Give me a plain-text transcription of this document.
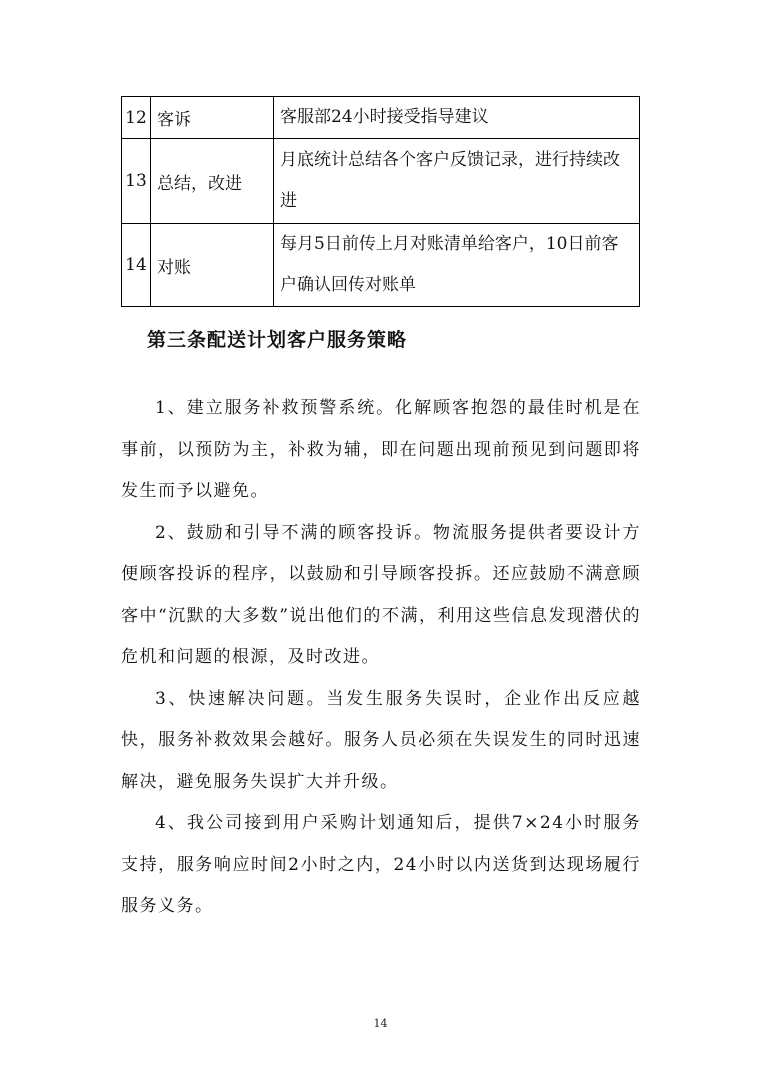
12	客诉	客服部24小时接受指导建议
13	总结，改进	月底统计总结各个客户反馈记录，进行持续改进
14	对账	每月5日前传上月对账清单给客户，10日前客户确认回传对账单
第三条配送计划客户服务策略

1、建立服务补救预警系统。化解顾客抱怨的最佳时机是在事前，以预防为主，补救为辅，即在问题出现前预见到问题即将发生而予以避免。

2、鼓励和引导不满的顾客投诉。物流服务提供者要设计方便顾客投诉的程序，以鼓励和引导顾客投拆。还应鼓励不满意顾客中“沉默的大多数”说出他们的不满，利用这些信息发现潜伏的危机和问题的根源，及时改进。

3、快速解决问题。当发生服务失误时，企业作出反应越快，服务补救效果会越好。服务人员必须在失误发生的同时迅速解决，避免服务失误扩大并升级。

4、我公司接到用户采购计划通知后，提供7×24小时服务支持，服务响应时间2小时之内，24小时以内送货到达现场履行服务义务。

14
